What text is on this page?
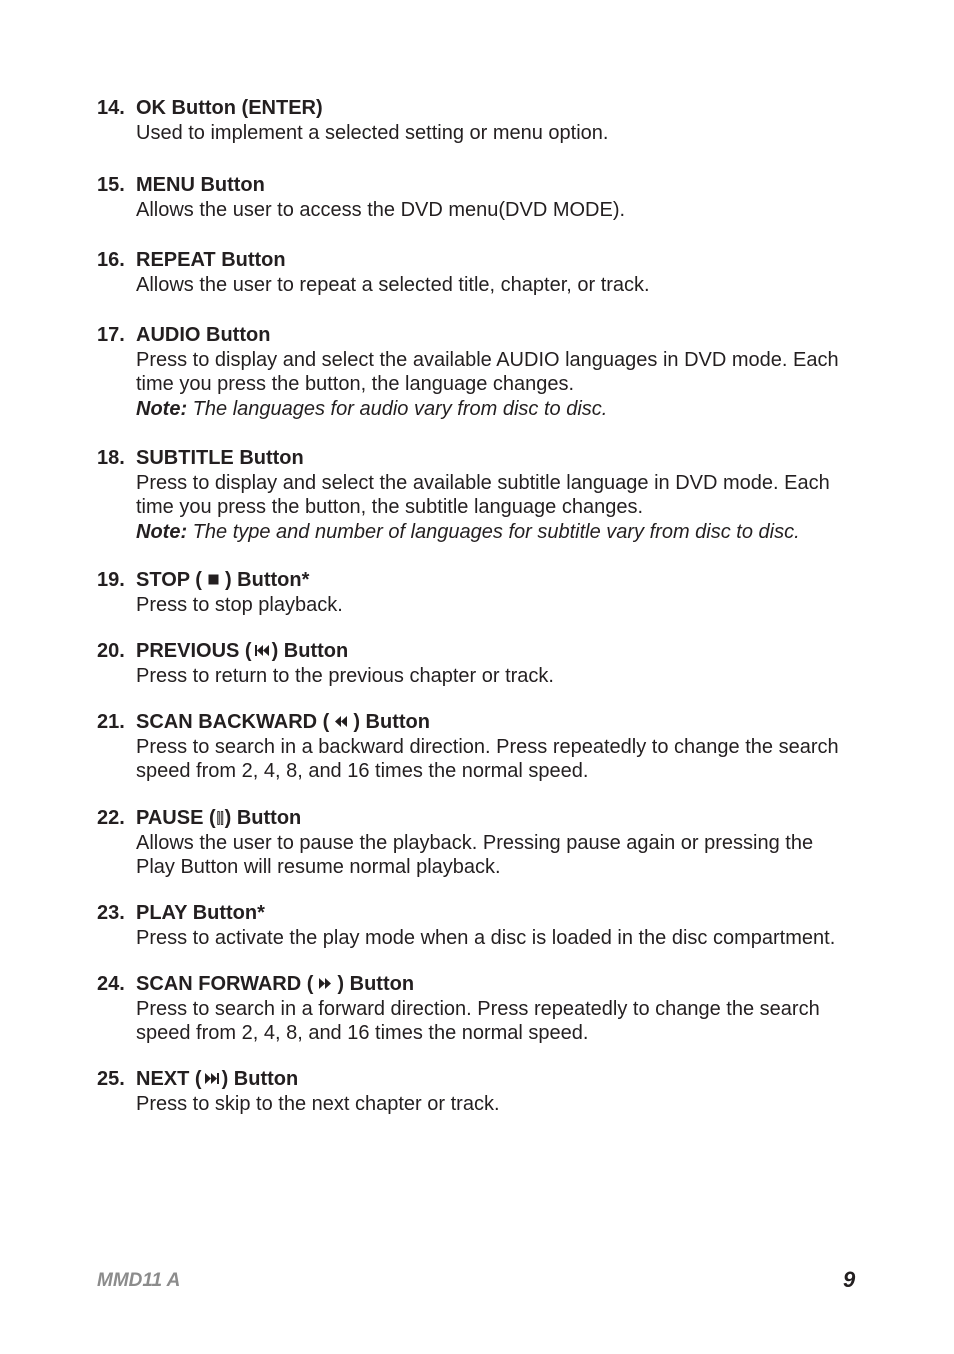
14. OK Button (ENTER)
Used to implement a selected setting or menu option.
15. MENU Button
Allows the user to access the DVD menu(DVD MODE).
16. REPEAT Button
Allows the user to repeat a selected title, chapter, or track.
17. AUDIO Button
Press to display and select the available AUDIO languages in DVD mode. Each
time you press the button, the language changes.
Note: The languages for audio vary from disc to disc.
18. SUBTITLE Button
Press to display and select the available subtitle language in DVD mode. Each
time you press the button, the subtitle language changes.
Note: The type and number of languages for subtitle vary from disc to disc.
19. STOP ( ) Button*
Press to stop playback.
20. PREVIOUS ( ) Button
Press to return to the previous chapter or track.
21. SCAN BACKWARD ( ) Button
Press to search in a backward direction. Press repeatedly to change the search
speed from 2, 4, 8, and 16 times the normal speed.
22. PAUSE ( ) Button
Allows the user to pause the playback. Pressing pause again or pressing the
Play Button will resume normal playback.
23. PLAY Button*
Press to activate the play mode when a disc is loaded in the disc compartment.
24. SCAN FORWARD ( ) Button
Press to search in a forward direction. Press repeatedly to change the search
speed from 2, 4, 8, and 16 times the normal speed.
25. NEXT ( ) Button
Press to skip to the next chapter or track.
MMD11 A	9
